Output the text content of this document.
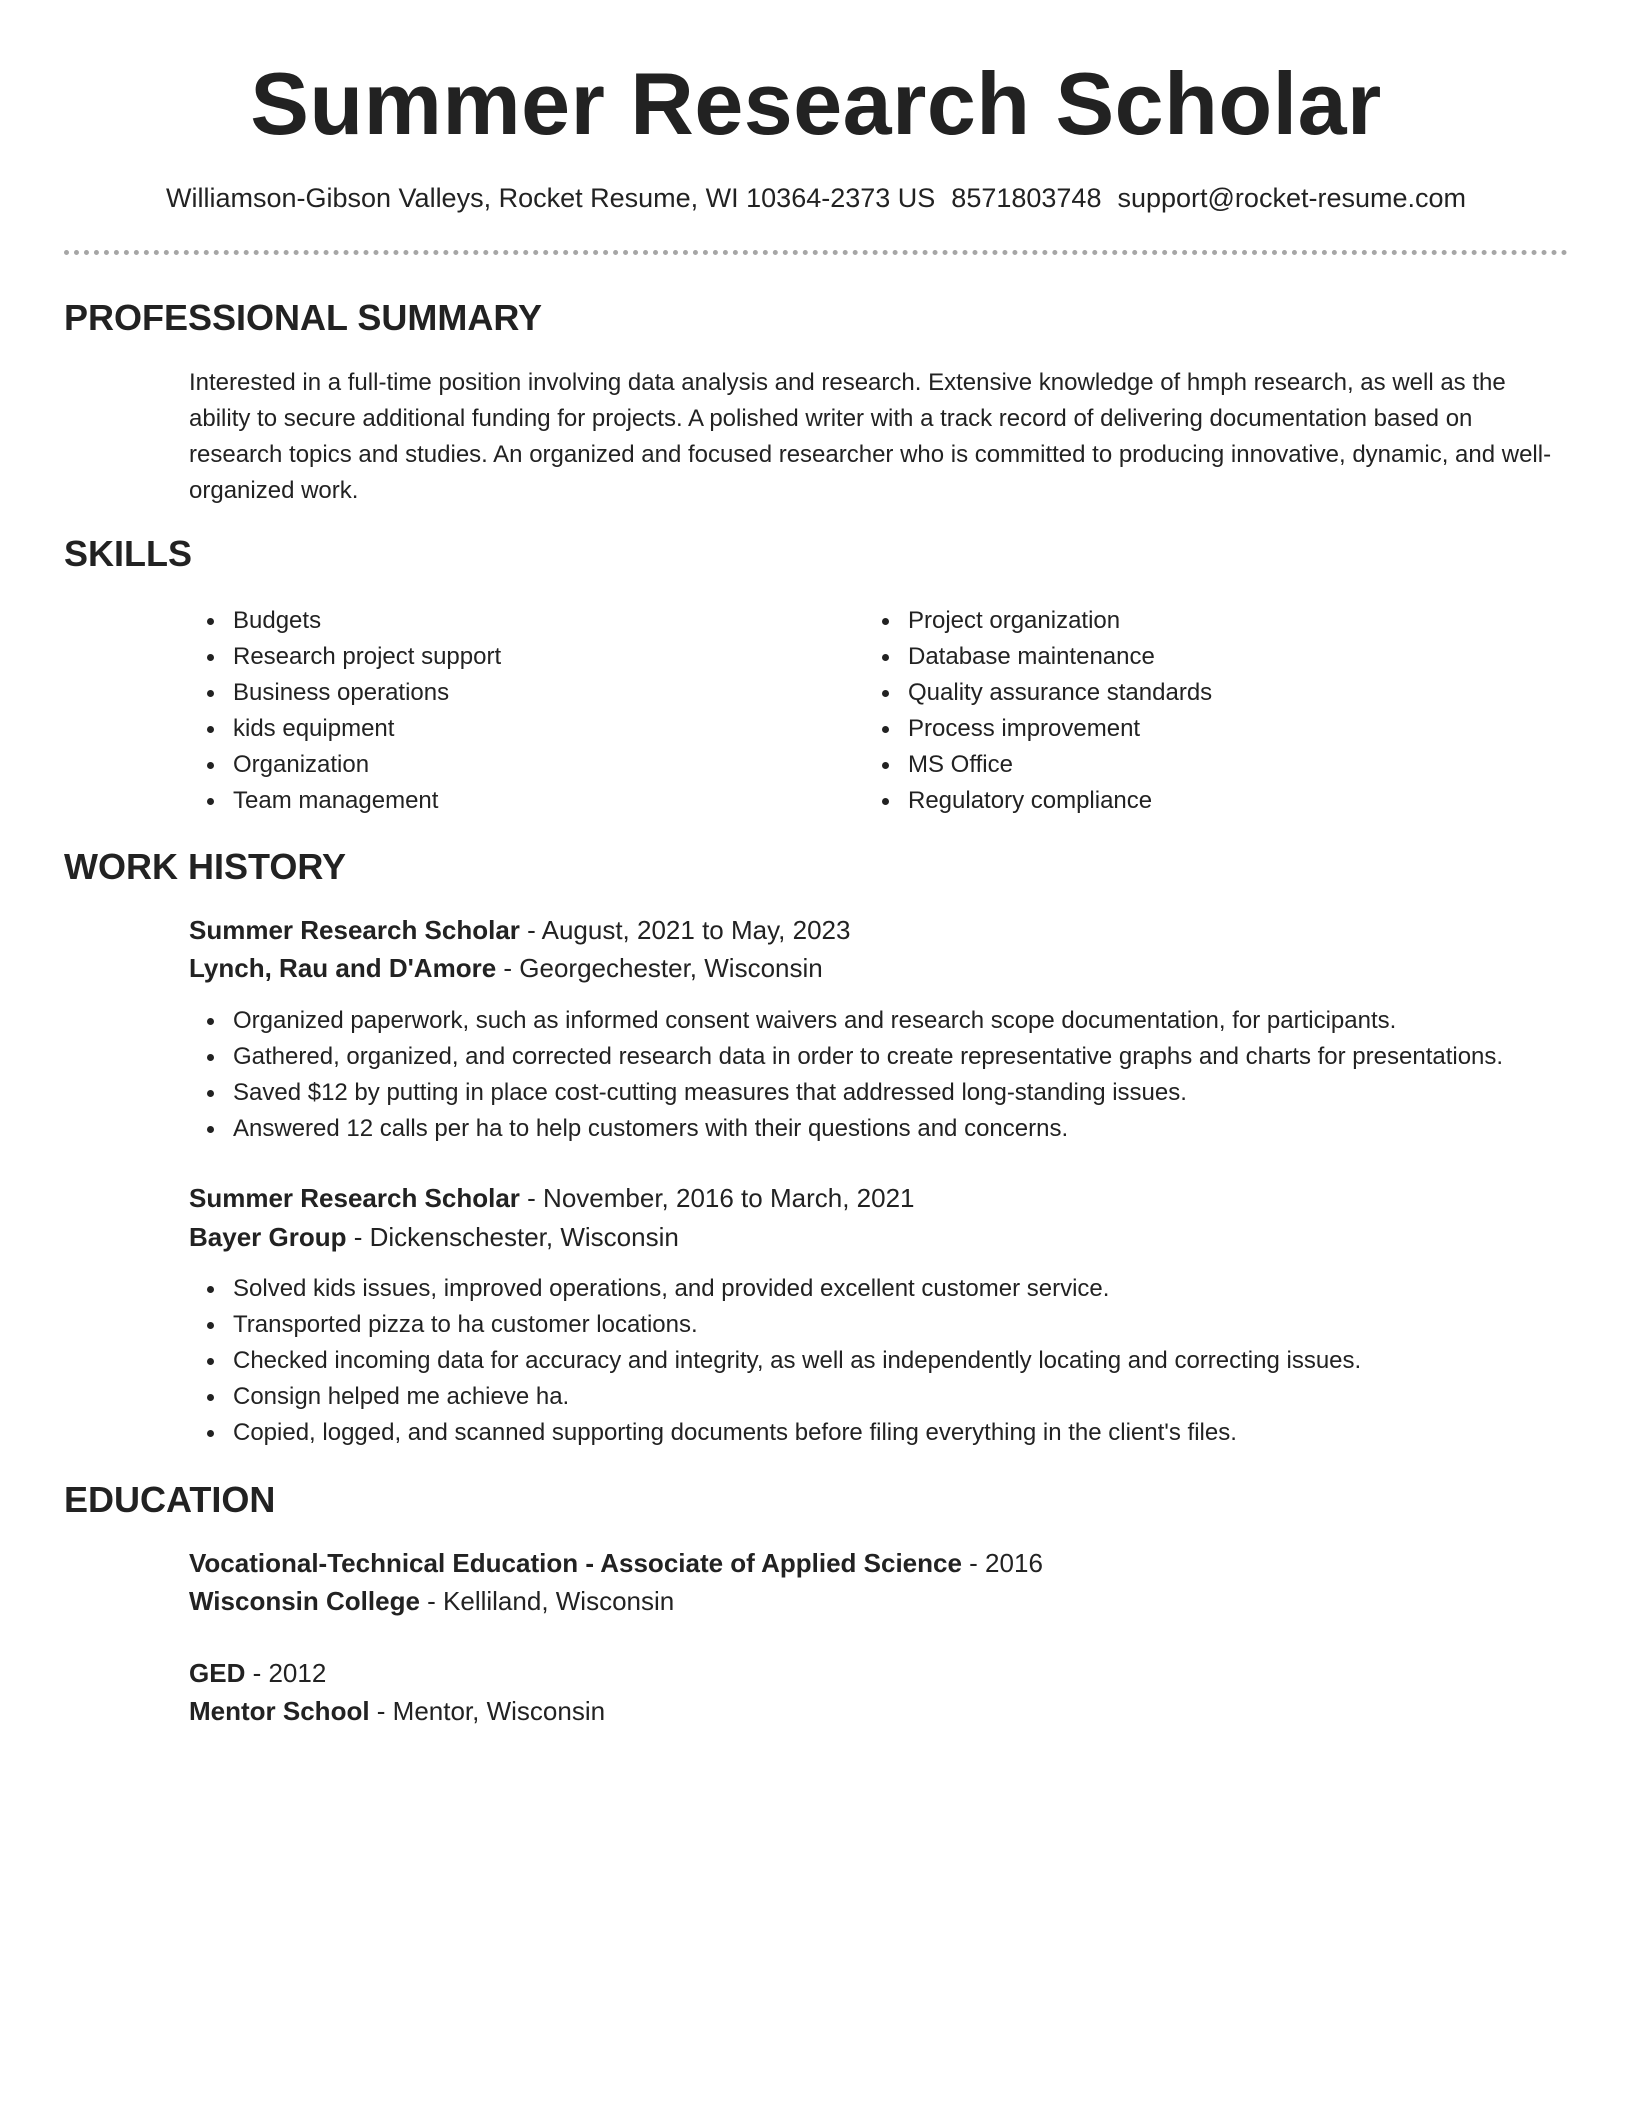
Summer Research Scholar
Williamson-Gibson Valleys, Rocket Resume, WI 10364-2373 US 8571803748 support@rocket-resume.com
PROFESSIONAL SUMMARY

Interested in a full-time position involving data analysis and research. Extensive knowledge of hmph research, as well as the ability to secure additional funding for projects. A polished writer with a track record of delivering documentation based on research topics and studies. An organized and focused researcher who is committed to producing innovative, dynamic, and well-organized work.

SKILLS
Budgets
Research project support
Business operations
kids equipment
Organization
Team management
Project organization
Database maintenance
Quality assurance standards
Process improvement
MS Office
Regulatory compliance
WORK HISTORY
Summer Research Scholar - August, 2021 to May, 2023
Lynch, Rau and D'Amore - Georgechester, Wisconsin
Organized paperwork, such as informed consent waivers and research scope documentation, for participants.
Gathered, organized, and corrected research data in order to create representative graphs and charts for presentations.
Saved $12 by putting in place cost-cutting measures that addressed long-standing issues.
Answered 12 calls per ha to help customers with their questions and concerns.
Summer Research Scholar - November, 2016 to March, 2021
Bayer Group - Dickenschester, Wisconsin
Solved kids issues, improved operations, and provided excellent customer service.
Transported pizza to ha customer locations.
Checked incoming data for accuracy and integrity, as well as independently locating and correcting issues.
Consign helped me achieve ha.
Copied, logged, and scanned supporting documents before filing everything in the client's files.
EDUCATION
Vocational-Technical Education - Associate of Applied Science - 2016
Wisconsin College - Kelliland, Wisconsin
GED - 2012
Mentor School - Mentor, Wisconsin
